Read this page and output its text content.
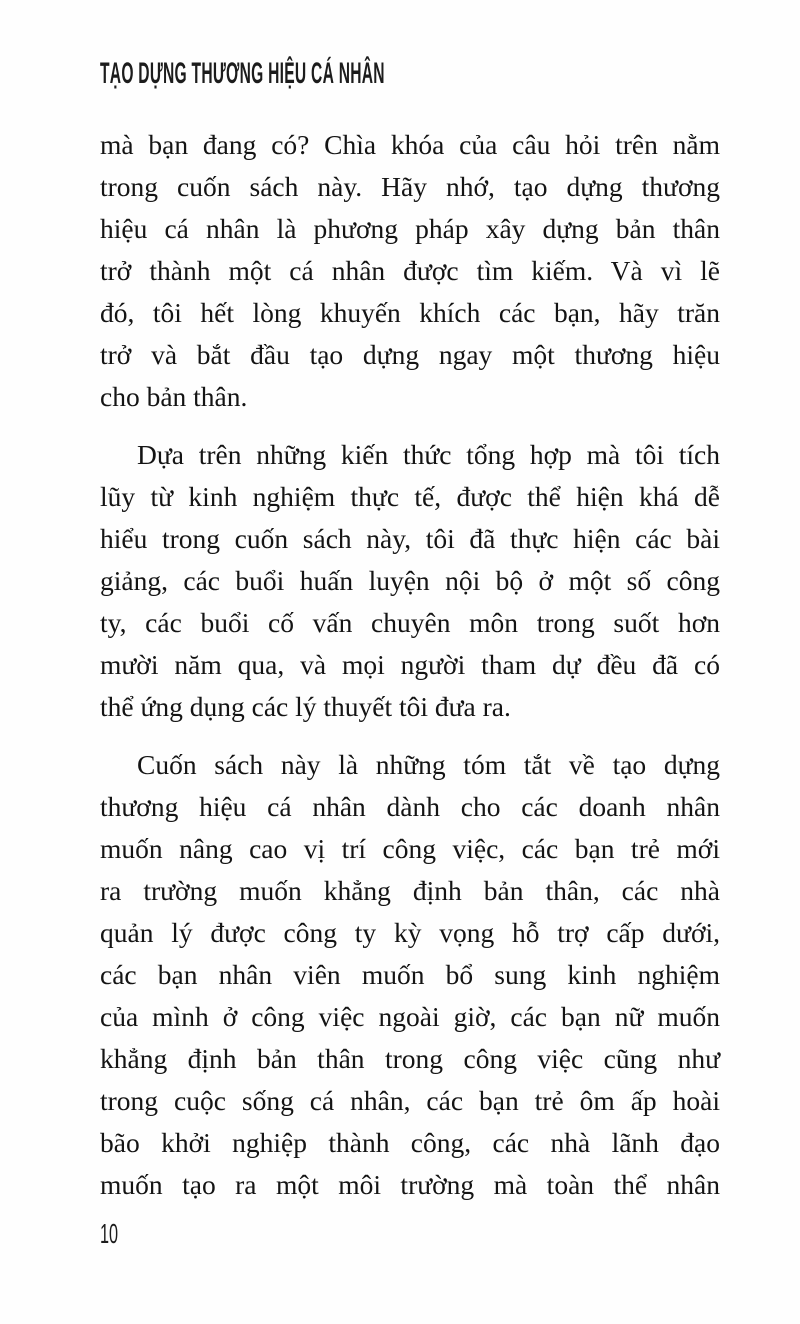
TẠO DỰNG THƯƠNG HIỆU CÁ NHÂN
mà bạn đang có? Chìa khóa của câu hỏi trên nằm
trong cuốn sách này. Hãy nhớ, tạo dựng thương
hiệu cá nhân là phương pháp xây dựng bản thân
trở thành một cá nhân được tìm kiếm. Và vì lẽ
đó, tôi hết lòng khuyến khích các bạn, hãy trăn
trở và bắt đầu tạo dựng ngay một thương hiệu
cho bản thân.
Dựa trên những kiến thức tổng hợp mà tôi tích
lũy từ kinh nghiệm thực tế, được thể hiện khá dễ
hiểu trong cuốn sách này, tôi đã thực hiện các bài
giảng, các buổi huấn luyện nội bộ ở một số công
ty, các buổi cố vấn chuyên môn trong suốt hơn
mười năm qua, và mọi người tham dự đều đã có
thể ứng dụng các lý thuyết tôi đưa ra.
Cuốn sách này là những tóm tắt về tạo dựng
thương hiệu cá nhân dành cho các doanh nhân
muốn nâng cao vị trí công việc, các bạn trẻ mới
ra trường muốn khẳng định bản thân, các nhà
quản lý được công ty kỳ vọng hỗ trợ cấp dưới,
các bạn nhân viên muốn bổ sung kinh nghiệm
của mình ở công việc ngoài giờ, các bạn nữ muốn
khẳng định bản thân trong công việc cũng như
trong cuộc sống cá nhân, các bạn trẻ ôm ấp hoài
bão khởi nghiệp thành công, các nhà lãnh đạo
muốn tạo ra một môi trường mà toàn thể nhân
10
